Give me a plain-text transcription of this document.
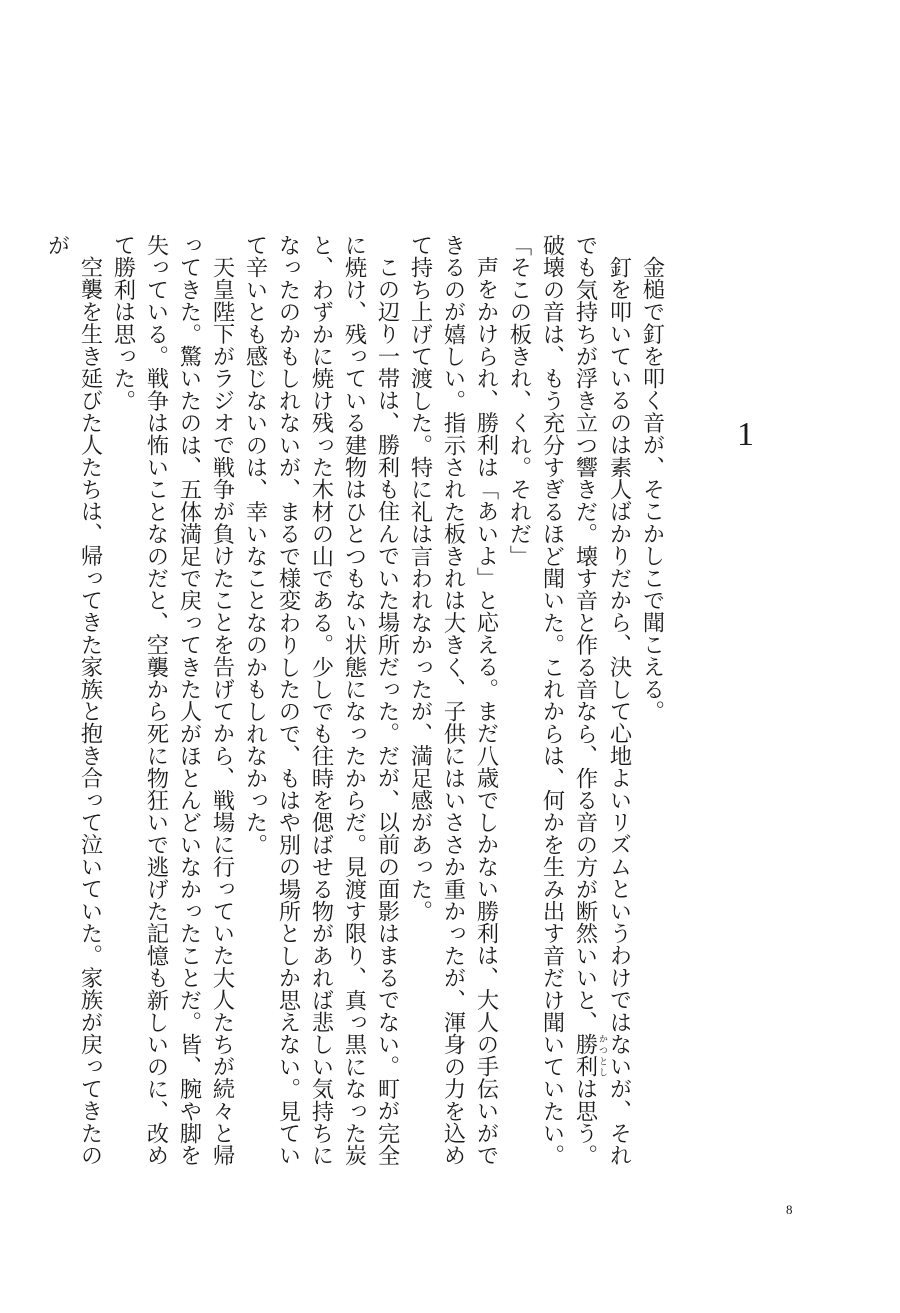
1

金槌で釘を叩く音が、そこかしこで聞こえる。

釘を叩いているのは素人ばかりだから、決して心地よいリズムというわけではないが、それでも気持ちが浮き立つ響きだ。壊す音と作る音なら、作る音の方が断然いいと、勝利 かつとしは思う。破壊の音は、もう充分すぎるほど聞いた。これからは、何かを生み出す音だけ聞いていたい。

「そこの板きれ、くれ。それだ」

声をかけられ、勝利は「あいよ」と応える。まだ八歳でしかない勝利は、大人の手伝いができるのが嬉しい。指示された板きれは大きく、子供にはいささか重かったが、渾身の力を込めて持ち上げて渡した。特に礼は言われなかったが、満足感があった。

この辺り一帯は、勝利も住んでいた場所だった。だが、以前の面影はまるでない。町が完全に焼け、残っている建物はひとつもない状態になったからだ。見渡す限り、真っ黒になった炭と、わずかに焼け残った木材の山である。少しでも往時を偲ばせる物があれば悲しい気持ちになったのかもしれないが、まるで様変わりしたので、もはや別の場所としか思えない。見ていて辛いとも感じないのは、幸いなことなのかもしれなかった。

天皇陛下がラジオで戦争が負けたことを告げてから、戦場に行っていた大人たちが続々と帰ってきた。驚いたのは、五体満足で戻ってきた人がほとんどいなかったことだ。皆、腕や脚を失っている。戦争は怖いことなのだと、空襲から死に物狂いで逃げた記憶も新しいのに、改めて勝利は思った。

空襲を生き延びた人たちは、帰ってきた家族と抱き合って泣いていた。家族が戻ってきたのが

8
